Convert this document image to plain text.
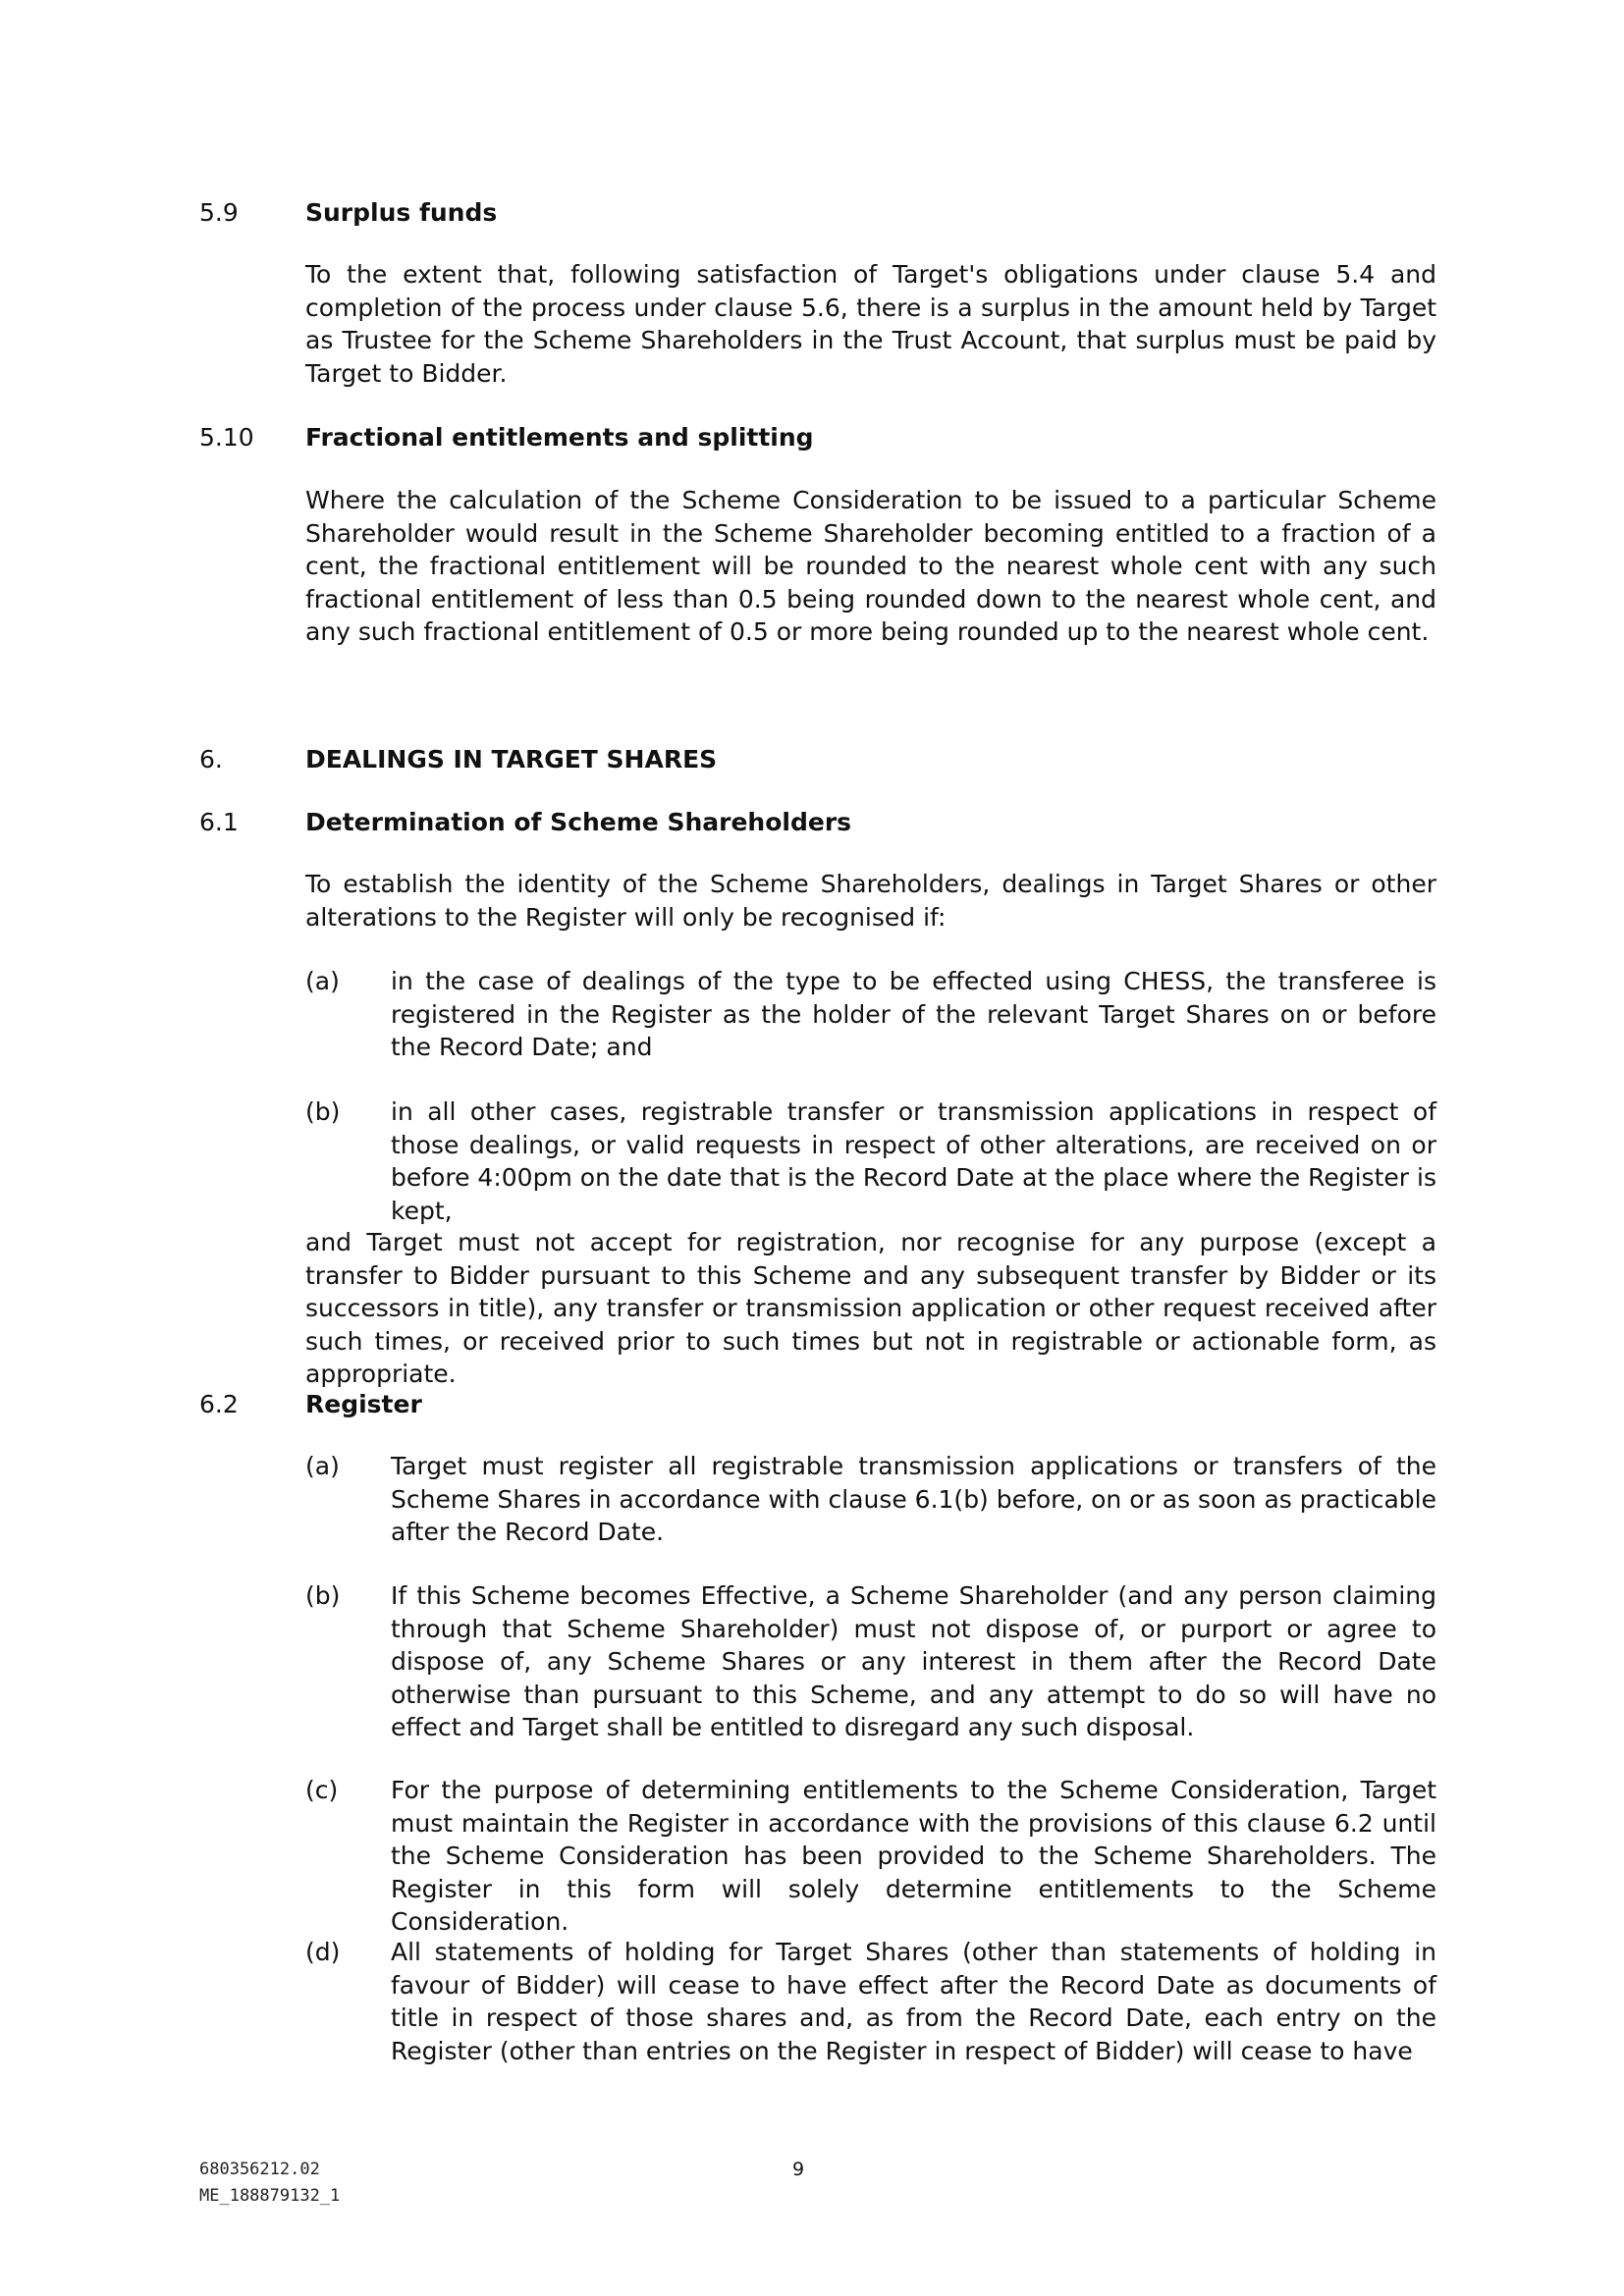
5.9	Surplus funds

To the extent that, following satisfaction of Target's obligations under clause 5.4 and completion of the process under clause 5.6, there is a surplus in the amount held by Target as Trustee for the Scheme Shareholders in the Trust Account, that surplus must be paid by Target to Bidder.

5.10 Fractional entitlements and splitting

Where the calculation of the Scheme Consideration to be issued to a particular Scheme Shareholder would result in the Scheme Shareholder becoming entitled to a fraction of a cent, the fractional entitlement will be rounded to the nearest whole cent with any such fractional entitlement of less than 0.5 being rounded down to the nearest whole cent, and any such fractional entitlement of 0.5 or more being rounded up to the nearest whole cent.

6.	DEALINGS IN TARGET SHARES
6.1	Determination of Scheme Shareholders

To establish the identity of the Scheme Shareholders, dealings in Target Shares or other alterations to the Register will only be recognised if:

(a) in the case of dealings of the type to be effected using CHESS, the transferee is registered in the Register as the holder of the relevant Target Shares on or before the Record Date; and

(b) in all other cases, registrable transfer or transmission applications in respect of those dealings, or valid requests in respect of other alterations, are received on or before 4:00pm on the date that is the Record Date at the place where the Register is kept,

and Target must not accept for registration, nor recognise for any purpose (except a transfer to Bidder pursuant to this Scheme and any subsequent transfer by Bidder or its successors in title), any transfer or transmission application or other request received after such times, or received prior to such times but not in registrable or actionable form, as appropriate.

6.2	Register
(a) Target must register all registrable transmission applications or transfers of the Scheme Shares in accordance with clause 6.1(b) before, on or as soon as practicable after the Record Date.

(b) If this Scheme becomes Effective, a Scheme Shareholder (and any person claiming through that Scheme Shareholder) must not dispose of, or purport or agree to dispose of, any Scheme Shares or any interest in them after the Record Date otherwise than pursuant to this Scheme, and any attempt to do so will have no effect and Target shall be entitled to disregard any such disposal.

(c) For the purpose of determining entitlements to the Scheme Consideration, Target must maintain the Register in accordance with the provisions of this clause 6.2 until the Scheme Consideration has been provided to the Scheme Shareholders. The Register in this form will solely determine entitlements to the Scheme Consideration.

(d) All statements of holding for Target Shares (other than statements of holding in favour of Bidder) will cease to have effect after the Record Date as documents of title in respect of those shares and, as from the Record Date, each entry on the Register (other than entries on the Register in respect of Bidder) will cease to have

680356212.02
ME_188879132_1
9
